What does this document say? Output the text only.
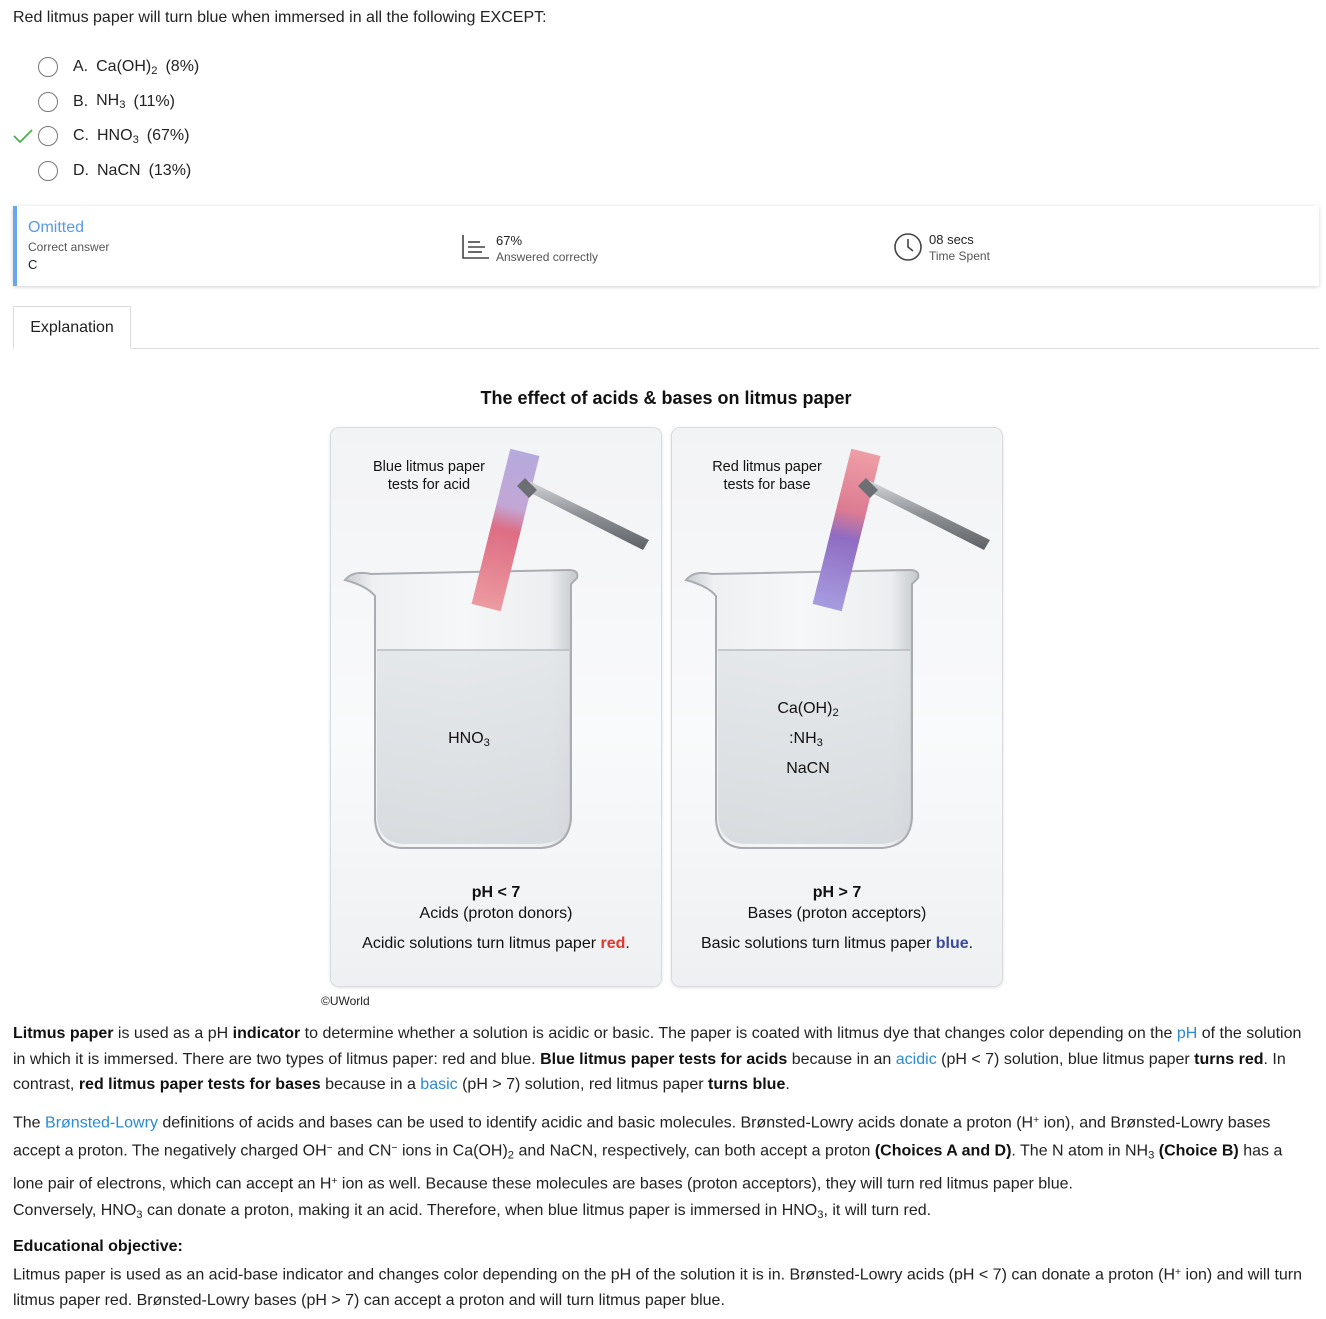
Red litmus paper will turn blue when immersed in all the following EXCEPT:
A. $Ca(OH)_2$ (8%)
B. $NH_3$ (11%)
C. $HNO_3$ (67%)
D. NaCN (13%)
Omitted
Correct answer
C
67%
Answered correctly
08 secs
Time Spent
Explanation
The effect of acids & bases on litmus paper
Blue litmus paper
tests for acid
$HNO_3$
pH < 7
Acids (proton donors)
Acidic solutions turn litmus paper red.
Red litmus paper
tests for base
$Ca(OH)_2$
$:NH_3$
NaCN
pH > 7
Bases (proton acceptors)
Basic solutions turn litmus paper blue.
©UWorld
Litmus paper is used as a pH indicator to determine whether a solution is acidic or basic. The paper is coated with litmus dye that changes color depending on the pH of the solution in which it is immersed. There are two types of litmus paper: red and blue. Blue litmus paper tests for acids because in an acidic (pH < 7) solution, blue litmus paper turns red. In contrast, red litmus paper tests for bases because in a basic (pH > 7) solution, red litmus paper turns blue.
The Brønsted-Lowry definitions of acids and bases can be used to identify acidic and basic molecules. Brønsted-Lowry acids donate a proton (H+ ion), and Brønsted-Lowry bases accept a proton. The negatively charged OH− and CN− ions in $Ca(OH)_2$ and NaCN, respectively, can both accept a proton (Choices A and D). The N atom in $NH_3$ (Choice B) has a lone pair of electrons, which can accept an H+ ion as well. Because these molecules are bases (proton acceptors), they will turn red litmus paper blue.
Conversely, $HNO_3$ can donate a proton, making it an acid. Therefore, when blue litmus paper is immersed in $HNO_3$, it will turn red.
Educational objective:
Litmus paper is used as an acid-base indicator and changes color depending on the pH of the solution it is in. Brønsted-Lowry acids (pH < 7) can donate a proton (H+ ion) and will turn litmus paper red. Brønsted-Lowry bases (pH > 7) can accept a proton and will turn litmus paper blue.
